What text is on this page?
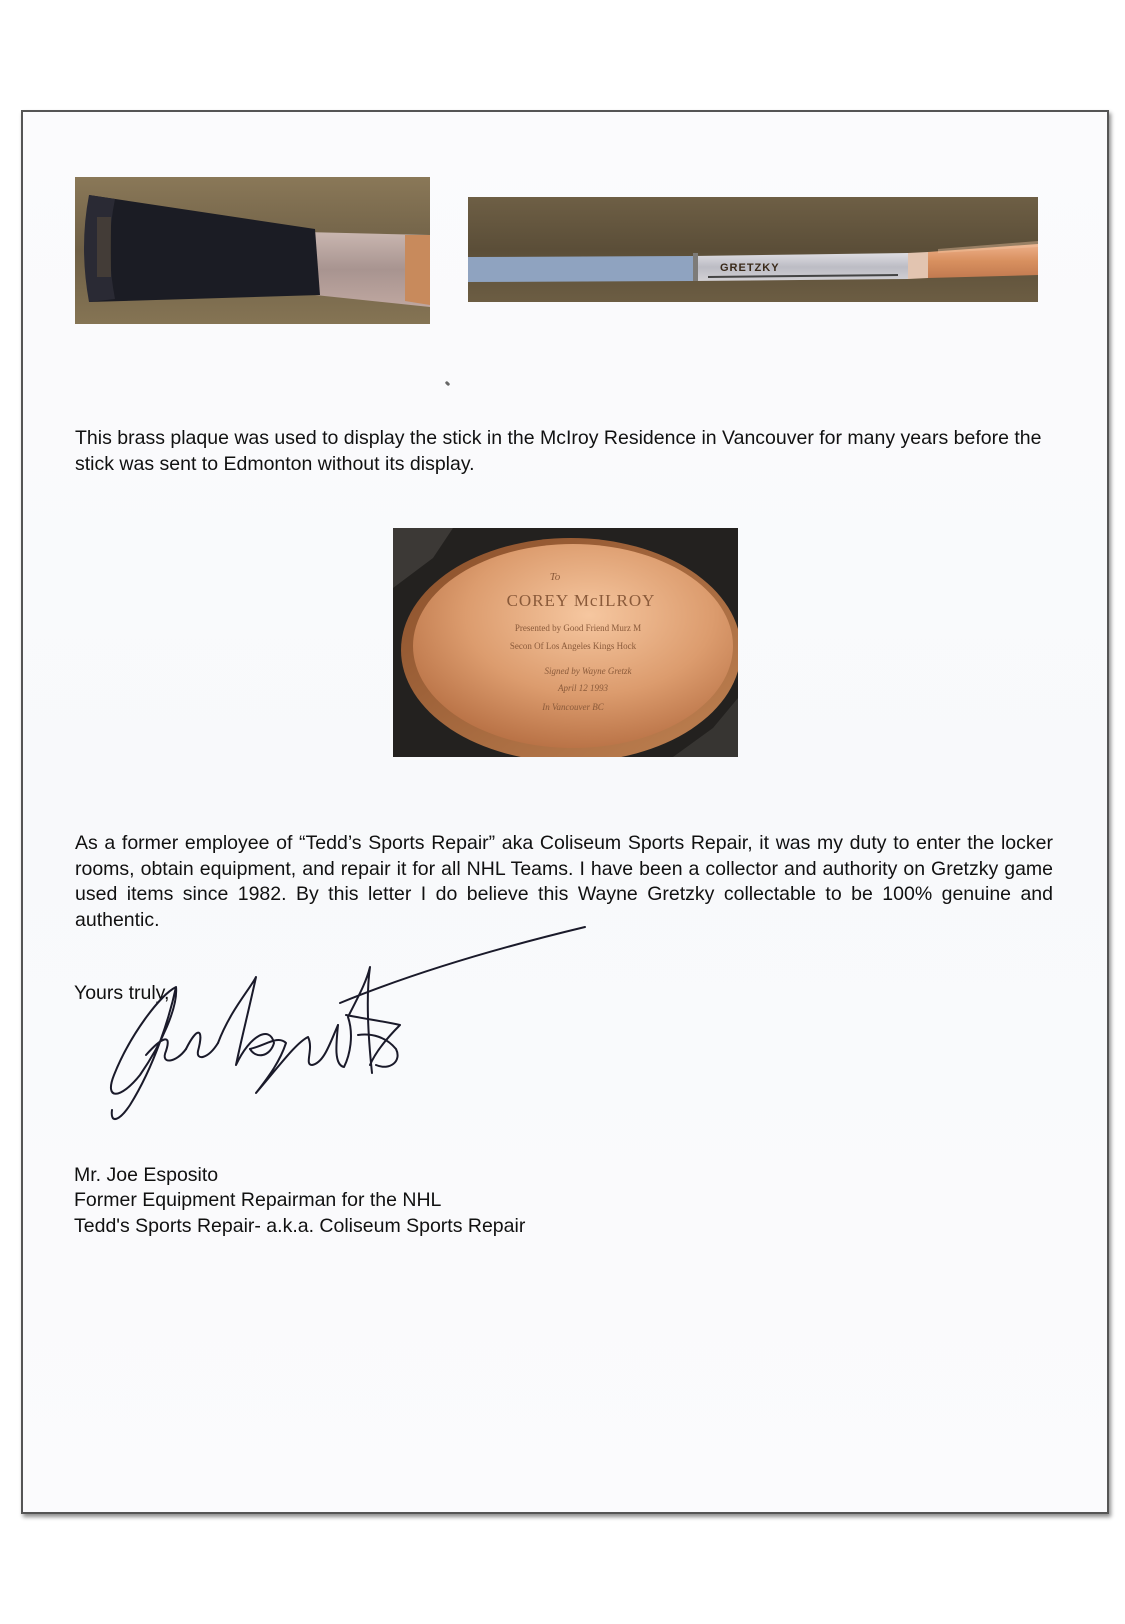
GRETZKY
To
COREY McILROY
Presented by Good Friend Murz M
Secon Of Los Angeles Kings Hock
Signed by Wayne Gretzk
April 12 1993
In Vancouver BC

This brass plaque was used to display the stick in the McIroy Residence in Vancouver for many years before the stick was sent to Edmonton without its display.

As a former employee of “Tedd’s Sports Repair” aka Coliseum Sports Repair, it was my duty to enter the locker rooms, obtain equipment, and repair it for all NHL Teams. I have been a collector and authority on Gretzky game used items since 1982. By this letter I do believe this Wayne Gretzky collectable to be 100% genuine and authentic.

Yours truly,

Mr. Joe Esposito

Former Equipment Repairman for the NHL

Tedd's Sports Repair- a.k.a. Coliseum Sports Repair
